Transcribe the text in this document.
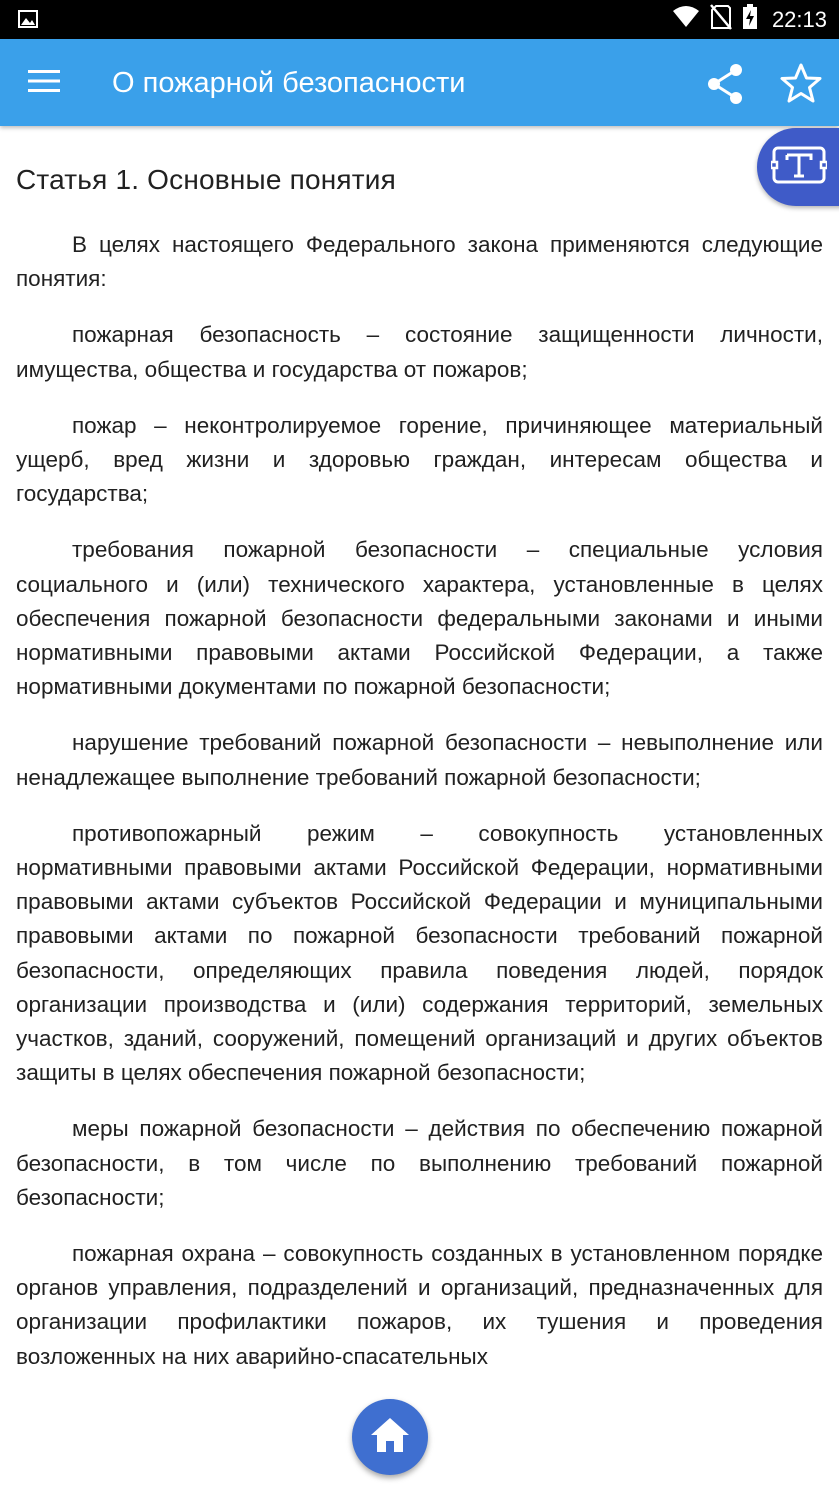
22:13
О пожарной безопасности
Статья 1. Основные понятия

В целях настоящего Федерального закона применяются следующие понятия:

пожарная безопасность – состояние защищенности личности, имущества, общества и государства от пожаров;

пожар – неконтролируемое горение, причиняющее материальный ущерб, вред жизни и здоровью граждан, интересам общества и государства;

требования пожарной безопасности – специальные условия социального и (или) технического характера, установленные в целях обеспечения пожарной безопасности федеральными законами и иными нормативными правовыми актами Российской Федерации, а также нормативными документами по пожарной безопасности;

нарушение требований пожарной безопасности – невыполнение или ненадлежащее выполнение требований пожарной безопасности;

противопожарный режим – совокупность установленных нормативными правовыми актами Российской Федерации, нормативными правовыми актами субъектов Российской Федерации и муниципальными правовыми актами по пожарной безопасности требований пожарной безопасности, определяющих правила поведения людей, порядок организации производства и (или) содержания территорий, земельных участков, зданий, сооружений, помещений организаций и других объектов защиты в целях обеспечения пожарной безопасности;

меры пожарной безопасности – действия по обеспечению пожарной безопасности, в том числе по выполнению требований пожарной безопасности;

пожарная охрана – совокупность созданных в установленном порядке органов управления, подразделений и организаций, предназначенных для организации профилактики пожаров, их тушения и проведения возложенных на них аварийно-спасательных
